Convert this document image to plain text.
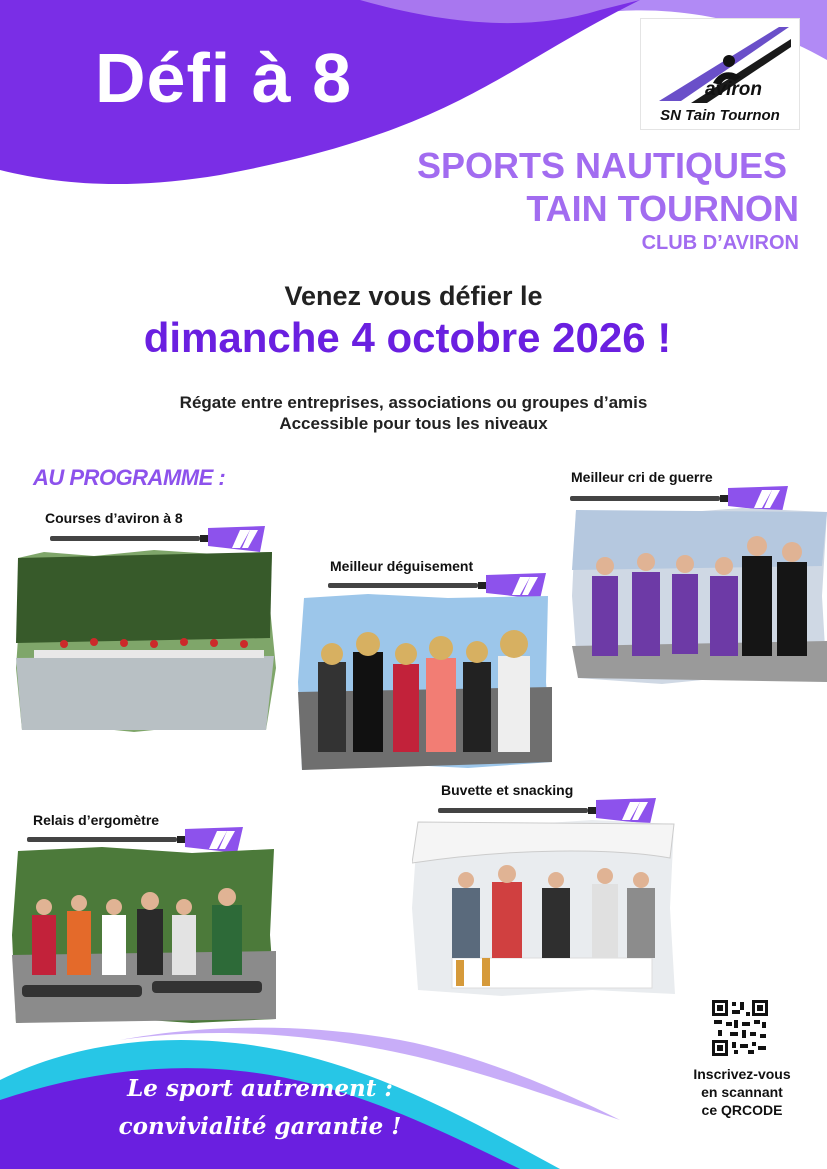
Défi à 8	aviron
SN Tain Tournon
SPORTS NAUTIQUES
TAIN TOURNON
CLUB D’AVIRON
Venez vous défier le
dimanche 4 octobre 2026 !
Régate entre entreprises, associations ou groupes d’amis
Accessible pour tous les niveaux
AU PROGRAMME :
Courses d’aviron à 8
Meilleur déguisement
Meilleur cri de guerre
Relais d’ergomètre
Buvette et snacking
Inscrivez-vous
en scannant
ce QRCODE
Le sport autrement :
convivialité garantie !
